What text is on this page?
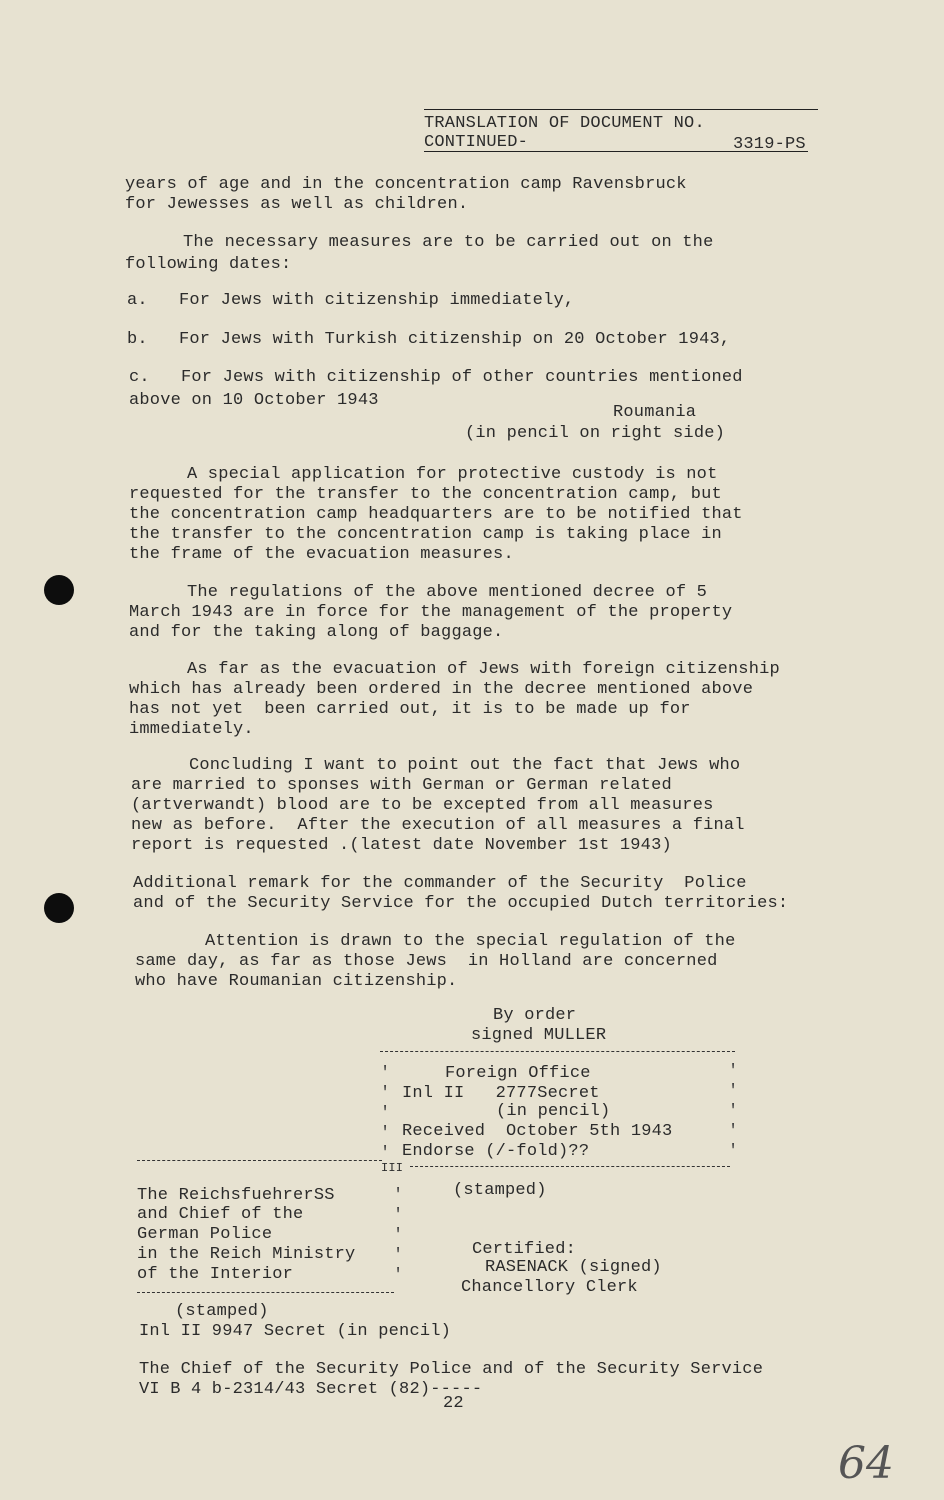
TRANSLATION OF DOCUMENT NO.
CONTINUED-	3319-PS
years of age and in the concentration camp Ravensbruck
for Jewesses as well as children.
The necessary measures are to be carried out on the
following dates:
a.   For Jews with citizenship immediately,
b.   For Jews with Turkish citizenship on 20 October 1943,
c.   For Jews with citizenship of other countries mentioned
above on 10 October 1943
Roumania
(in pencil on right side)
A special application for protective custody is not
requested for the transfer to the concentration camp, but
the concentration camp headquarters are to be notified that
the transfer to the concentration camp is taking place in
the frame of the evacuation measures.
The regulations of the above mentioned decree of 5
March 1943 are in force for the management of the property
and for the taking along of baggage.
As far as the evacuation of Jews with foreign citizenship
which has already been ordered in the decree mentioned above
has not yet  been carried out, it is to be made up for
immediately.
Concluding I want to point out the fact that Jews who
are married to sponses with German or German related
(artverwandt) blood are to be excepted from all measures
new as before.  After the execution of all measures a final
report is requested .(latest date November 1st 1943)
Additional remark for the commander of the Security  Police
and of the Security Service for the occupied Dutch territories:
Attention is drawn to the special regulation of the
same day, as far as those Jews  in Holland are concerned
who have Roumanian citizenship.
By order
signed MULLER
'
'
'
'
'
'
'
'
'
'
Foreign Office
Inl II   2777Secret
(in pencil)
Received  October 5th 1943
Endorse (/-fold)??
III
(stamped)
The ReichsfuehrerSS
and Chief of the
German Police
in the Reich Ministry
of the Interior
'
'
'
'
'
Certified:
RASENACK (signed)
Chancellory Clerk
(stamped)
Inl II 9947 Secret (in pencil)
The Chief of the Security Police and of the Security Service
VI B 4 b-2314/43 Secret (82)-----
22
64
